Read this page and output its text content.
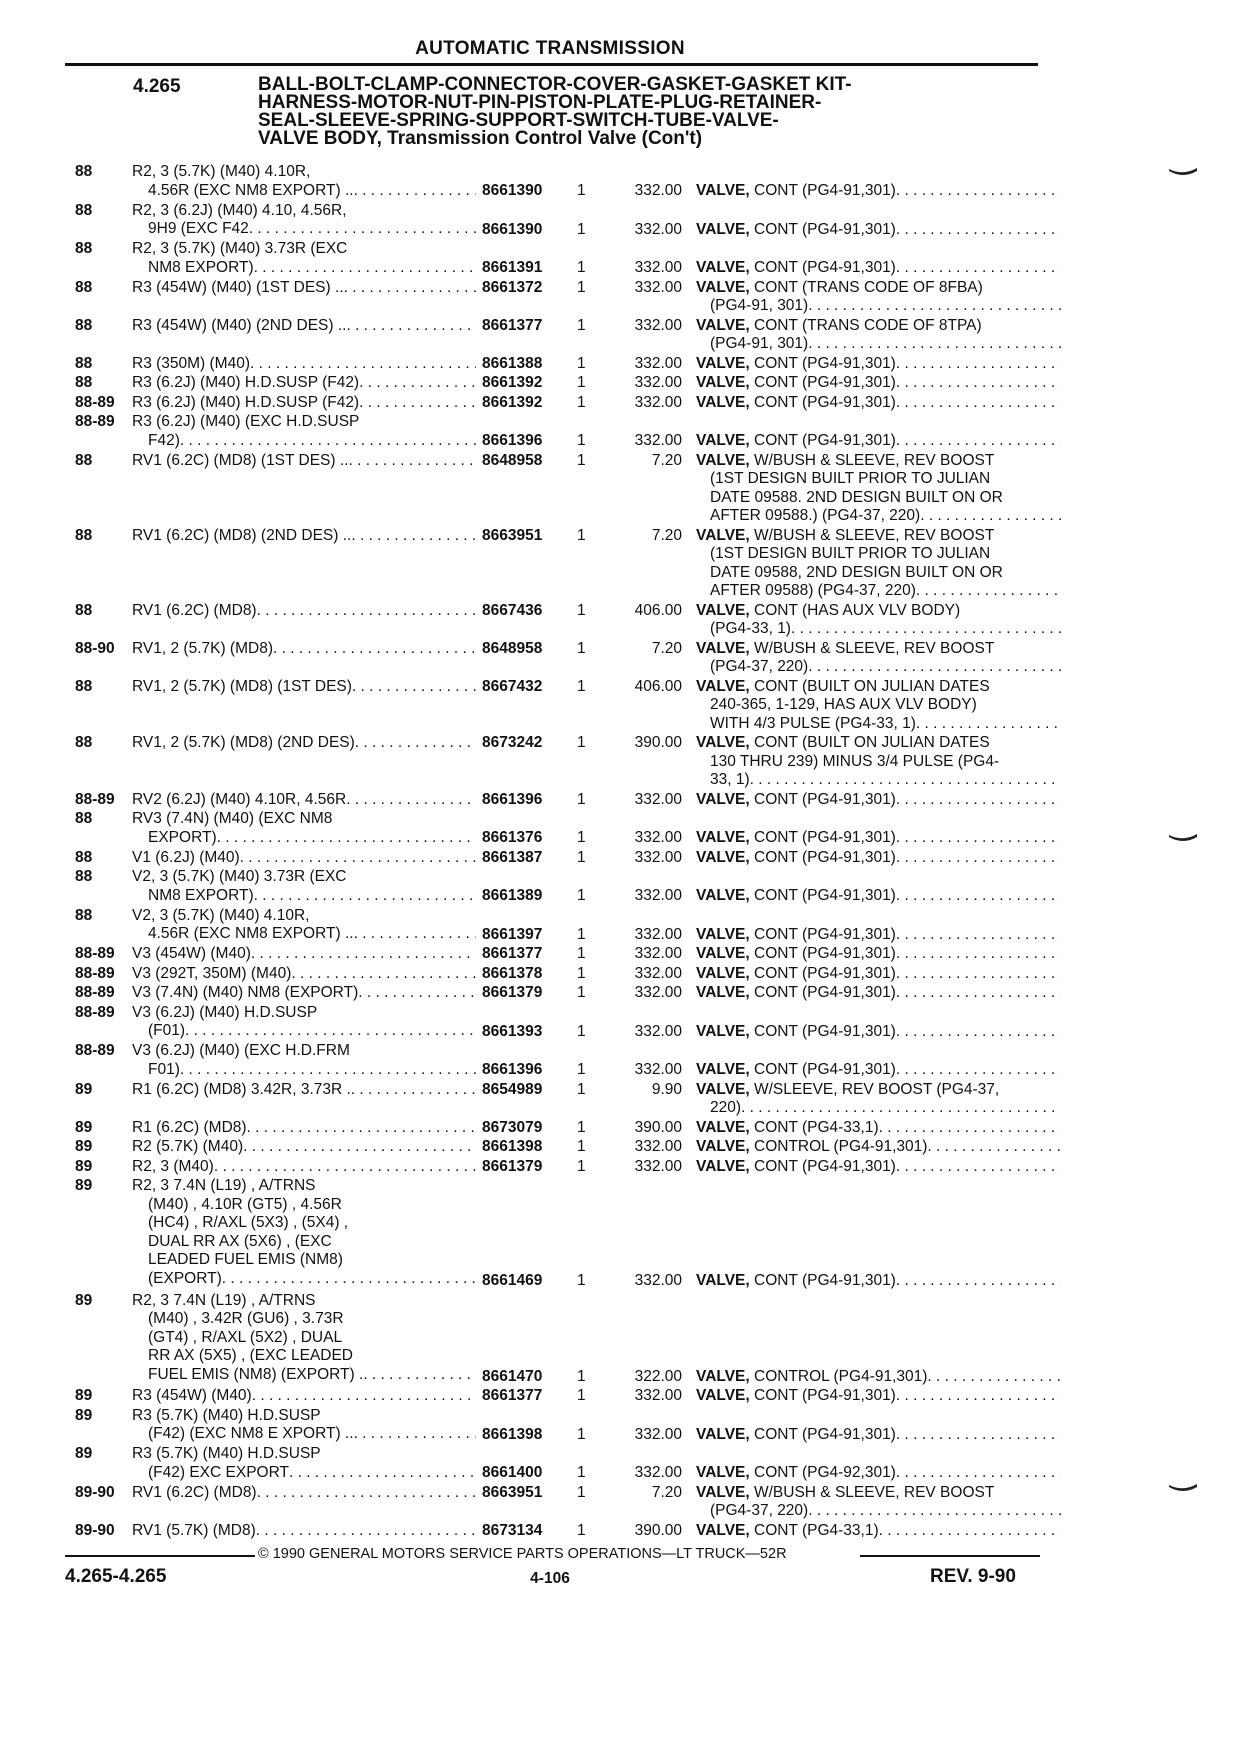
AUTOMATIC TRANSMISSION
4.265	BALL-BOLT-CLAMP-CONNECTOR-COVER-GASKET-GASKET KIT-
HARNESS-MOTOR-NUT-PIN-PISTON-PLATE-PLUG-RETAINER-
SEAL-SLEEVE-SPRING-SUPPORT-SWITCH-TUBE-VALVE-
VALVE BODY, Transmission Control Valve (Con't)
88	R2, 3 (5.7K) (M40) 4.10R,
4.56R (EXC NM8 EXPORT) .. . . .	8661390	1	332.00 VALVE,
CONT (PG4-91,301)
. . .
88	R2, 3 (6.2J) (M40) 4.10, 4.56R,
9H9 (EXC F42 . . .	8661390	1	332.00 VALVE,
CONT (PG4-91,301)
. . .
88	R2, 3 (5.7K) (M40) 3.73R (EXC
NM8 EXPORT) . . .	8661391	1	332.00 VALVE,
CONT (PG4-91,301)
. . .
88	R3 (454W) (M40) (1ST DES) .. . . .	8661372	1	332.00 VALVE,
CONT (TRANS CODE OF 8FBA)
(PG4-91, 301)
. . .
88	R3 (454W) (M40) (2ND DES) .. . . .	8661377	1	332.00 VALVE,
CONT (TRANS CODE OF 8TPA)
(PG4-91, 301)
. . .
88	R3 (350M) (M40) . . .	8661388	1	332.00 VALVE,
CONT (PG4-91,301)
. . .
88	R3 (6.2J) (M40) H.D.SUSP (F42) . . .	8661392	1	332.00 VALVE,
CONT (PG4-91,301)
. . .
88-89	R3 (6.2J) (M40) H.D.SUSP (F42) . . .	8661392	1	332.00 VALVE,
CONT (PG4-91,301)
. . .
88-89	R3 (6.2J) (M40) (EXC H.D.SUSP
F42) . . .	8661396	1	332.00 VALVE,
CONT (PG4-91,301)
. . .
88	RV1 (6.2C) (MD8) (1ST DES) .. . . .	8648958	1	7.20 VALVE,
W/BUSH & SLEEVE, REV BOOST
(1ST DESIGN BUILT PRIOR TO JULIAN
DATE 09588. 2ND DESIGN BUILT ON OR
AFTER 09588.) (PG4-37, 220)
. . .
88	RV1 (6.2C) (MD8) (2ND DES) .. . . .	8663951	1	7.20 VALVE,
W/BUSH & SLEEVE, REV BOOST
(1ST DESIGN BUILT PRIOR TO JULIAN
DATE 09588, 2ND DESIGN BUILT ON OR
AFTER 09588) (PG4-37, 220)
. . .
88	RV1 (6.2C) (MD8) . . .	8667436	1	406.00 VALVE,
CONT (HAS AUX VLV BODY)
(PG4-33, 1)
. . .
88-90	RV1, 2 (5.7K) (MD8) . . .	8648958	1	7.20 VALVE,
W/BUSH & SLEEVE, REV BOOST
(PG4-37, 220)
. . .
88	RV1, 2 (5.7K) (MD8) (1ST DES) . . .	8667432	1	406.00 VALVE,
CONT (BUILT ON JULIAN DATES
240-365, 1-129, HAS AUX VLV BODY)
WITH 4/3 PULSE (PG4-33, 1)
. . .
88	RV1, 2 (5.7K) (MD8) (2ND DES) . . .	8673242	1	390.00 VALVE,
CONT (BUILT ON JULIAN DATES
130 THRU 239) MINUS 3/4 PULSE (PG4-
33, 1)
. . .
88-89	RV2 (6.2J) (M40) 4.10R, 4.56R . . .	8661396	1	332.00 VALVE,
CONT (PG4-91,301)
. . .
88	RV3 (7.4N) (M40) (EXC NM8
EXPORT) . . .	8661376	1	332.00 VALVE,
CONT (PG4-91,301)
. . .
88	V1 (6.2J) (M40) . . .	8661387	1	332.00 VALVE,
CONT (PG4-91,301)
. . .
88	V2, 3 (5.7K) (M40) 3.73R (EXC
NM8 EXPORT) . . .	8661389	1	332.00 VALVE,
CONT (PG4-91,301)
. . .
88	V2, 3 (5.7K) (M40) 4.10R,
4.56R (EXC NM8 EXPORT) .. . . .	8661397	1	332.00 VALVE,
CONT (PG4-91,301)
. . .
88-89	V3 (454W) (M40) . . .	8661377	1	332.00 VALVE,
CONT (PG4-91,301)
. . .
88-89	V3 (292T, 350M) (M40) . . .	8661378	1	332.00 VALVE,
CONT (PG4-91,301)
. . .
88-89	V3 (7.4N) (M40) NM8 (EXPORT) . . .	8661379	1	332.00 VALVE,
CONT (PG4-91,301)
. . .
88-89	V3 (6.2J) (M40) H.D.SUSP
(F01) . . .	8661393	1	332.00 VALVE,
CONT (PG4-91,301)
. . .
88-89	V3 (6.2J) (M40) (EXC H.D.FRM
F01) . . .	8661396	1	332.00 VALVE,
CONT (PG4-91,301)
. . .
89	R1 (6.2C) (MD8) 3.42R, 3.73R . . . .	8654989	1	9.90 VALVE,
W/SLEEVE, REV BOOST (PG4-37,
220)
. . .
89	R1 (6.2C) (MD8) . . .	8673079	1	390.00 VALVE,
CONT (PG4-33,1)
. . .
89	R2 (5.7K) (M40) . . .	8661398	1	332.00 VALVE,
CONTROL (PG4-91,301)
. . .
89	R2, 3 (M40) . . .	8661379	1	332.00 VALVE,
CONT (PG4-91,301)
. . .
89	R2, 3 7.4N (L19) , A/TRNS
(M40) , 4.10R (GT5) , 4.56R
(HC4) , R/AXL (5X3) , (5X4) ,
DUAL RR AX (5X6) , (EXC
LEADED FUEL EMIS (NM8)
(EXPORT) . . .	8661469	1	332.00 VALVE,
CONT (PG4-91,301)
. . .
89	R2, 3 7.4N (L19) , A/TRNS
(M40) , 3.42R (GU6) , 3.73R
(GT4) , R/AXL (5X2) , DUAL
RR AX (5X5) , (EXC LEADED
FUEL EMIS (NM8) (EXPORT) . . . .	8661470	1	322.00 VALVE,
CONTROL (PG4-91,301)
. . .
89	R3 (454W) (M40) . . .	8661377	1	332.00 VALVE,
CONT (PG4-91,301)
. . .
89	R3 (5.7K) (M40) H.D.SUSP
(F42) (EXC NM8 E XPORT) .. . . .	8661398	1	332.00 VALVE,
CONT (PG4-91,301)
. . .
89	R3 (5.7K) (M40) H.D.SUSP
(F42) EXC EXPORT . . .	8661400	1	332.00 VALVE,
CONT (PG4-92,301)
. . .
89-90	RV1 (6.2C) (MD8) . . .	8663951	1	7.20 VALVE,
W/BUSH & SLEEVE, REV BOOST
(PG4-37, 220)
. . .
89-90	RV1 (5.7K) (MD8) . . .	8673134	1	390.00 VALVE,
CONT (PG4-33,1)
. . .
© 1990 GENERAL MOTORS SERVICE PARTS OPERATIONS—LT TRUCK—52R
4.265-4.265	4-106	REV. 9-90
